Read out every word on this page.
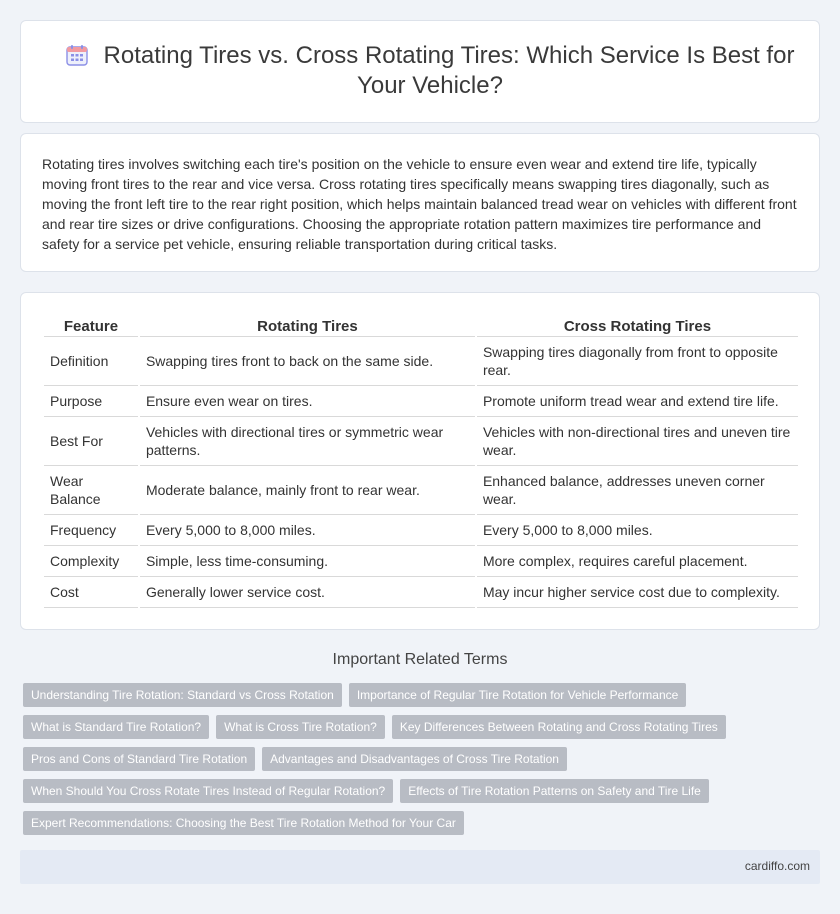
Rotating Tires vs. Cross Rotating Tires: Which Service Is Best for Your Vehicle?

Rotating tires involves switching each tire's position on the vehicle to ensure even wear and extend tire life, typically moving front tires to the rear and vice versa. Cross rotating tires specifically means swapping tires diagonally, such as moving the front left tire to the rear right position, which helps maintain balanced tread wear on vehicles with different front and rear tire sizes or drive configurations. Choosing the appropriate rotation pattern maximizes tire performance and safety for a service pet vehicle, ensuring reliable transportation during critical tasks.

Feature	Rotating Tires	Cross Rotating Tires
Definition	Swapping tires front to back on the same side.	Swapping tires diagonally from front to opposite rear.
Purpose	Ensure even wear on tires.	Promote uniform tread wear and extend tire life.
Best For	Vehicles with directional tires or symmetric wear patterns.	Vehicles with non-directional tires and uneven tire wear.
Wear Balance	Moderate balance, mainly front to rear wear.	Enhanced balance, addresses uneven corner wear.
Frequency	Every 5,000 to 8,000 miles.	Every 5,000 to 8,000 miles.
Complexity	Simple, less time-consuming.	More complex, requires careful placement.
Cost	Generally lower service cost.	May incur higher service cost due to complexity.
Important Related Terms
Understanding Tire Rotation: Standard vs Cross Rotation	Importance of Regular Tire Rotation for Vehicle Performance
What is Standard Tire Rotation?	What is Cross Tire Rotation?	Key Differences Between Rotating and Cross Rotating Tires
Pros and Cons of Standard Tire Rotation	Advantages and Disadvantages of Cross Tire Rotation
When Should You Cross Rotate Tires Instead of Regular Rotation?	Effects of Tire Rotation Patterns on Safety and Tire Life
Expert Recommendations: Choosing the Best Tire Rotation Method for Your Car
cardiffo.com
